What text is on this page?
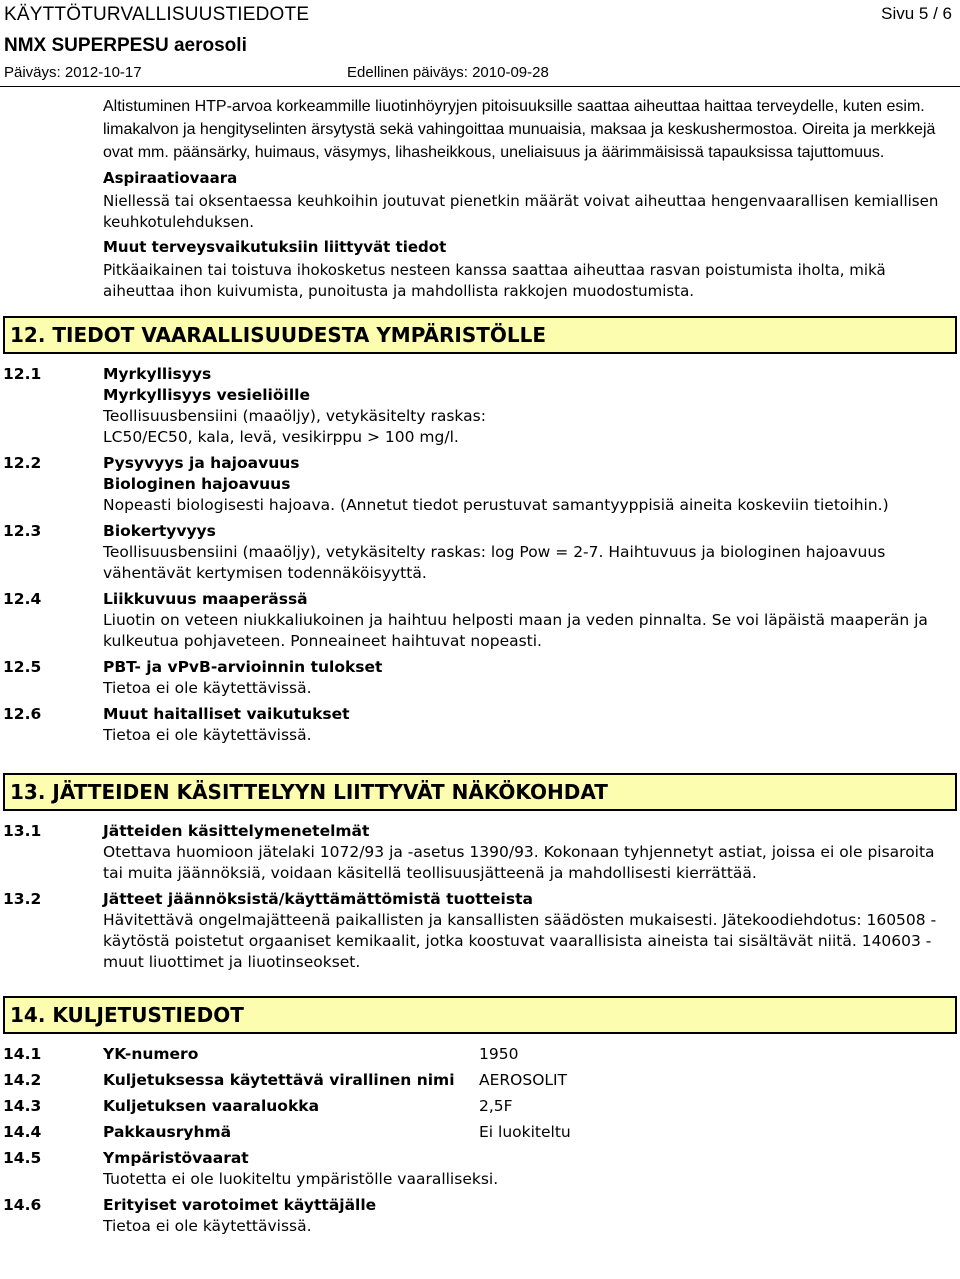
KÄYTTÖTURVALLISUUSTIEDOTE	Sivu 5 / 6
NMX SUPERPESU aerosoli
Päiväys: 2012-10-17	Edellinen päiväys: 2010-09-28

Altistuminen HTP-arvoa korkeammille liuotinhöyryjen pitoisuuksille saattaa aiheuttaa haittaa terveydelle, kuten esim. limakalvon ja hengityselinten ärsytystä sekä vahingoittaa munuaisia, maksaa ja keskushermostoa. Oireita ja merkkejä ovat mm. päänsärky, huimaus, väsymys, lihasheikkous, uneliaisuus ja äärimmäisissä tapauksissa tajuttomuus.

Aspiraatiovaara

Niellessä tai oksentaessa keuhkoihin joutuvat pienetkin määrät voivat aiheuttaa hengenvaarallisen kemiallisen keuhkotulehduksen.

Muut terveysvaikutuksiin liittyvät tiedot

Pitkäaikainen tai toistuva ihokosketus nesteen kanssa saattaa aiheuttaa rasvan poistumista iholta, mikä aiheuttaa ihon kuivumista, punoitusta ja mahdollista rakkojen muodostumista.

12. TIEDOT VAARALLISUUDESTA YMPÄRISTÖLLE
12.1	Myrkyllisyys

Myrkyllisyys vesieliöille

Teollisuusbensiini (maaöljy), vetykäsitelty raskas:

LC50/EC50, kala, levä, vesikirppu > 100 mg/l.

12.2	Pysyvyys ja hajoavuus

Biologinen hajoavuus

Nopeasti biologisesti hajoava. (Annetut tiedot perustuvat samantyyppisiä aineita koskeviin tietoihin.)

12.3	Biokertyvyys

Teollisuusbensiini (maaöljy), vetykäsitelty raskas: log Pow = 2-7. Haihtuvuus ja biologinen hajoavuus vähentävät kertymisen todennäköisyyttä.

12.4	Liikkuvuus maaperässä

Liuotin on veteen niukkaliukoinen ja haihtuu helposti maan ja veden pinnalta. Se voi läpäistä maaperän ja kulkeutua pohjaveteen. Ponneaineet haihtuvat nopeasti.

12.5	PBT- ja vPvB-arvioinnin tulokset

Tietoa ei ole käytettävissä.

12.6	Muut haitalliset vaikutukset

Tietoa ei ole käytettävissä.

13. JÄTTEIDEN KÄSITTELYYN LIITTYVÄT NÄKÖKOHDAT
13.1	Jätteiden käsittelymenetelmät

Otettava huomioon jätelaki 1072/93 ja -asetus 1390/93. Kokonaan tyhjennetyt astiat, joissa ei ole pisaroita tai muita jäännöksiä, voidaan käsitellä teollisuusjätteenä ja mahdollisesti kierrättää.

13.2	Jätteet jäännöksistä/käyttämättömistä tuotteista

Hävitettävä ongelmajätteenä paikallisten ja kansallisten säädösten mukaisesti. Jätekoodiehdotus: 160508 - käytöstä poistetut orgaaniset kemikaalit, jotka koostuvat vaarallisista aineista tai sisältävät niitä. 140603 - muut liuottimet ja liuotinseokset.

14. KULJETUSTIEDOT
14.1	YK-numero	1950
14.2	Kuljetuksessa käytettävä virallinen nimi	AEROSOLIT
14.3	Kuljetuksen vaaraluokka	2,5F
14.4	Pakkausryhmä	Ei luokiteltu
14.5	Ympäristövaarat

Tuotetta ei ole luokiteltu ympäristölle vaaralliseksi.

14.6	Erityiset varotoimet käyttäjälle

Tietoa ei ole käytettävissä.
